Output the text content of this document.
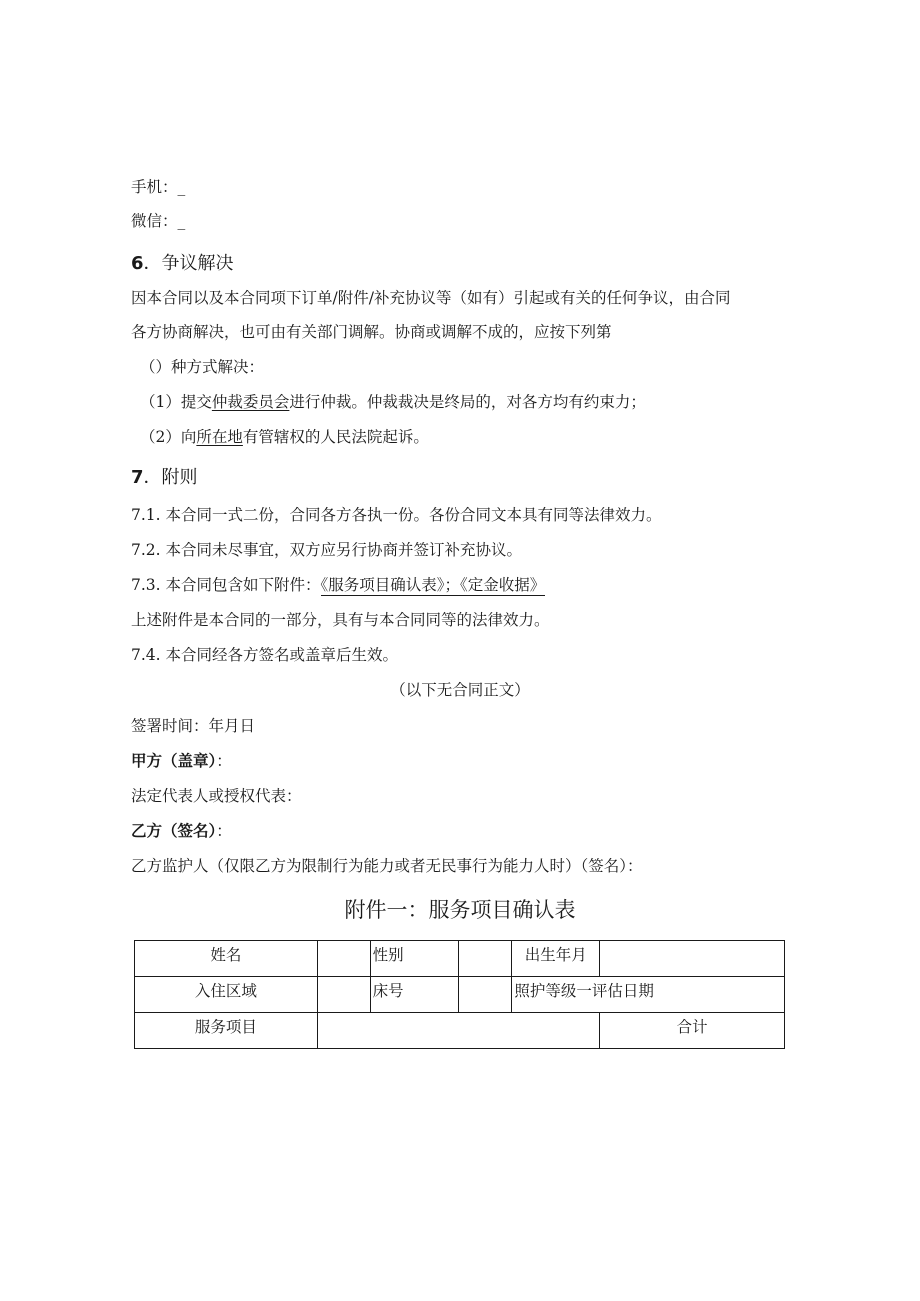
手机：_
微信：_
6．争议解决
因本合同以及本合同项下订单/附件/补充协议等（如有）引起或有关的任何争议，由合同
各方协商解决，也可由有关部门调解。协商或调解不成的，应按下列第
（）种方式解决：
（1）提交仲裁委员会进行仲裁。仲裁裁决是终局的，对各方均有约束力；
（2）向所在地有管辖权的人民法院起诉。
7．附则
7.1. 本合同一式二份，合同各方各执一份。各份合同文本具有同等法律效力。
7.2. 本合同未尽事宜，双方应另行协商并签订补充协议。
7.3. 本合同包含如下附件：《服务项目确认表》；《定金收据》
上述附件是本合同的一部分，具有与本合同同等的法律效力。
7.4. 本合同经各方签名或盖章后生效。
（以下无合同正文）
签署时间：年月日
甲方（盖章）：
法定代表人或授权代表：
乙方（签名）：
乙方监护人（仅限乙方为限制行为能力或者无民事行为能力人时）（签名）：
附件一：服务项目确认表
姓名		性别		出生年月	
入住区域		床号		照护等级一评估日期	
服务项目					合计
